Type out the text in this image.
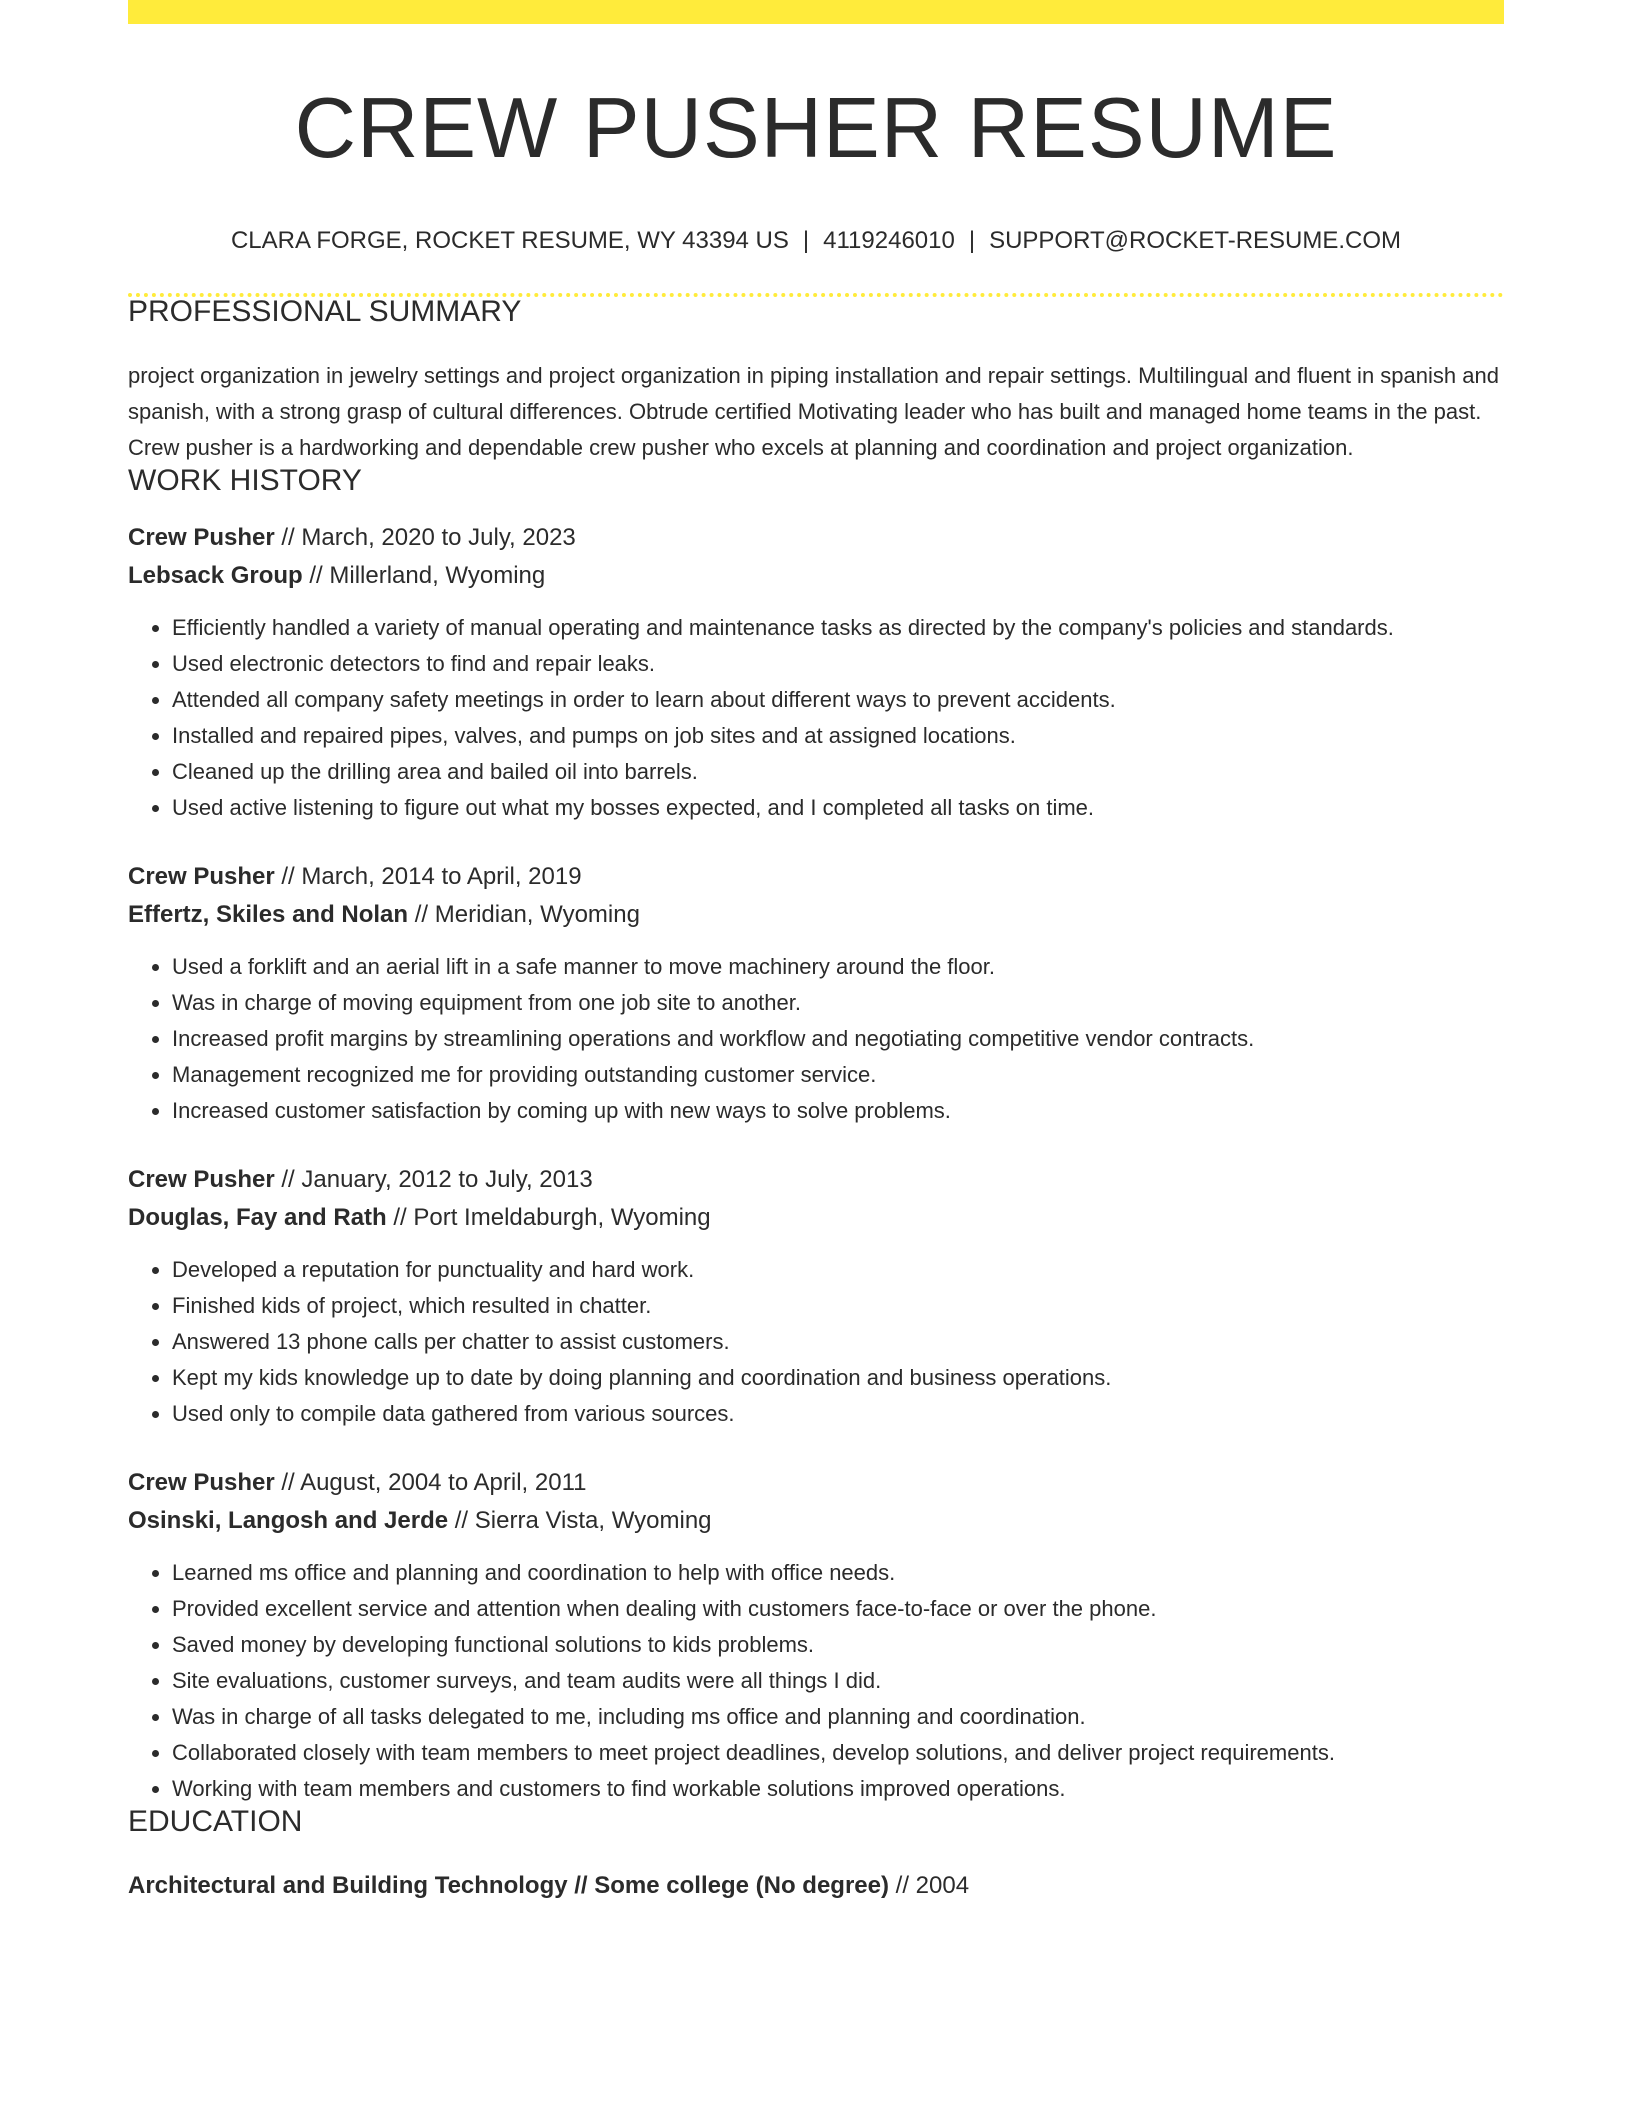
CREW PUSHER RESUME
CLARA FORGE, ROCKET RESUME, WY 43394 US | 4119246010 | SUPPORT@ROCKET-RESUME.COM
PROFESSIONAL SUMMARY
project organization in jewelry settings and project organization in piping installation and repair settings. Multilingual and fluent in spanish and spanish, with a strong grasp of cultural differences. Obtrude certified Motivating leader who has built and managed home teams in the past. Crew pusher is a hardworking and dependable crew pusher who excels at planning and coordination and project organization.
WORK HISTORY
Crew Pusher // March, 2020 to July, 2023
Lebsack Group // Millerland, Wyoming
• Efficiently handled a variety of manual operating and maintenance tasks as directed by the company's policies and standards.
• Used electronic detectors to find and repair leaks.
• Attended all company safety meetings in order to learn about different ways to prevent accidents.
• Installed and repaired pipes, valves, and pumps on job sites and at assigned locations.
• Cleaned up the drilling area and bailed oil into barrels.
• Used active listening to figure out what my bosses expected, and I completed all tasks on time.
Crew Pusher // March, 2014 to April, 2019
Effertz, Skiles and Nolan // Meridian, Wyoming
• Used a forklift and an aerial lift in a safe manner to move machinery around the floor.
• Was in charge of moving equipment from one job site to another.
• Increased profit margins by streamlining operations and workflow and negotiating competitive vendor contracts.
• Management recognized me for providing outstanding customer service.
• Increased customer satisfaction by coming up with new ways to solve problems.
Crew Pusher // January, 2012 to July, 2013
Douglas, Fay and Rath // Port Imeldaburgh, Wyoming
• Developed a reputation for punctuality and hard work.
• Finished kids of project, which resulted in chatter.
• Answered 13 phone calls per chatter to assist customers.
• Kept my kids knowledge up to date by doing planning and coordination and business operations.
• Used only to compile data gathered from various sources.
Crew Pusher // August, 2004 to April, 2011
Osinski, Langosh and Jerde // Sierra Vista, Wyoming
• Learned ms office and planning and coordination to help with office needs.
• Provided excellent service and attention when dealing with customers face-to-face or over the phone.
• Saved money by developing functional solutions to kids problems.
• Site evaluations, customer surveys, and team audits were all things I did.
• Was in charge of all tasks delegated to me, including ms office and planning and coordination.
• Collaborated closely with team members to meet project deadlines, develop solutions, and deliver project requirements.
• Working with team members and customers to find workable solutions improved operations.
EDUCATION
Architectural and Building Technology // Some college (No degree) // 2004
